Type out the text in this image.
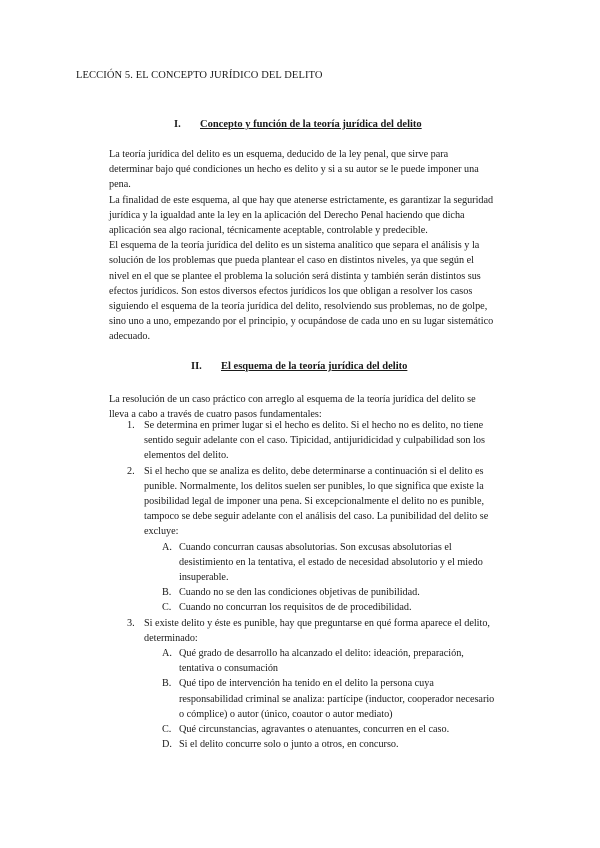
LECCIÓN 5. EL CONCEPTO JURÍDICO DEL DELITO
I. Concepto y función de la teoría jurídica del delito
La teoría jurídica del delito es un esquema, deducido de la ley penal, que sirve para
determinar bajo qué condiciones un hecho es delito y si a su autor se le puede imponer una
pena.
La finalidad de este esquema, al que hay que atenerse estrictamente, es garantizar la seguridad
jurídica y la igualdad ante la ley en la aplicación del Derecho Penal haciendo que dicha
aplicación sea algo racional, técnicamente aceptable, controlable y predecible.
El esquema de la teoría jurídica del delito es un sistema analítico que separa el análisis y la
solución de los problemas que pueda plantear el caso en distintos niveles, ya que según el
nivel en el que se plantee el problema la solución será distinta y también serán distintos sus
efectos jurídicos. Son estos diversos efectos jurídicos los que obligan a resolver los casos
siguiendo el esquema de la teoría jurídica del delito, resolviendo sus problemas, no de golpe,
sino uno a uno, empezando por el principio, y ocupándose de cada uno en su lugar sistemático
adecuado.
II. El esquema de la teoría jurídica del delito
La resolución de un caso práctico con arreglo al esquema de la teoría jurídica del delito se
lleva a cabo a través de cuatro pasos fundamentales:
1. Se determina en primer lugar si el hecho es delito. Si el hecho no es delito, no tiene
sentido seguir adelante con el caso. Tipicidad, antijuridicidad y culpabilidad son los
elementos del delito.
2. Si el hecho que se analiza es delito, debe determinarse a continuación si el delito es
punible. Normalmente, los delitos suelen ser punibles, lo que significa que existe la
posibilidad legal de imponer una pena. Si excepcionalmente el delito no es punible,
tampoco se debe seguir adelante con el análisis del caso. La punibilidad del delito se
excluye:
A. Cuando concurran causas absolutorias. Son excusas absolutorias el
desistimiento en la tentativa, el estado de necesidad absolutorio y el miedo
insuperable.
B. Cuando no se den las condiciones objetivas de punibilidad.
C. Cuando no concurran los requisitos de de procedibilidad.
3. Si existe delito y éste es punible, hay que preguntarse en qué forma aparece el delito,
determinado:
A. Qué grado de desarrollo ha alcanzado el delito: ideación, preparación,
tentativa o consumación
B. Qué tipo de intervención ha tenido en el delito la persona cuya
responsabilidad criminal se analiza: partícipe (inductor, cooperador necesario
o cómplice) o autor (único, coautor o autor mediato)
C. Qué circunstancias, agravantes o atenuantes, concurren en el caso.
D. Si el delito concurre solo o junto a otros, en concurso.
